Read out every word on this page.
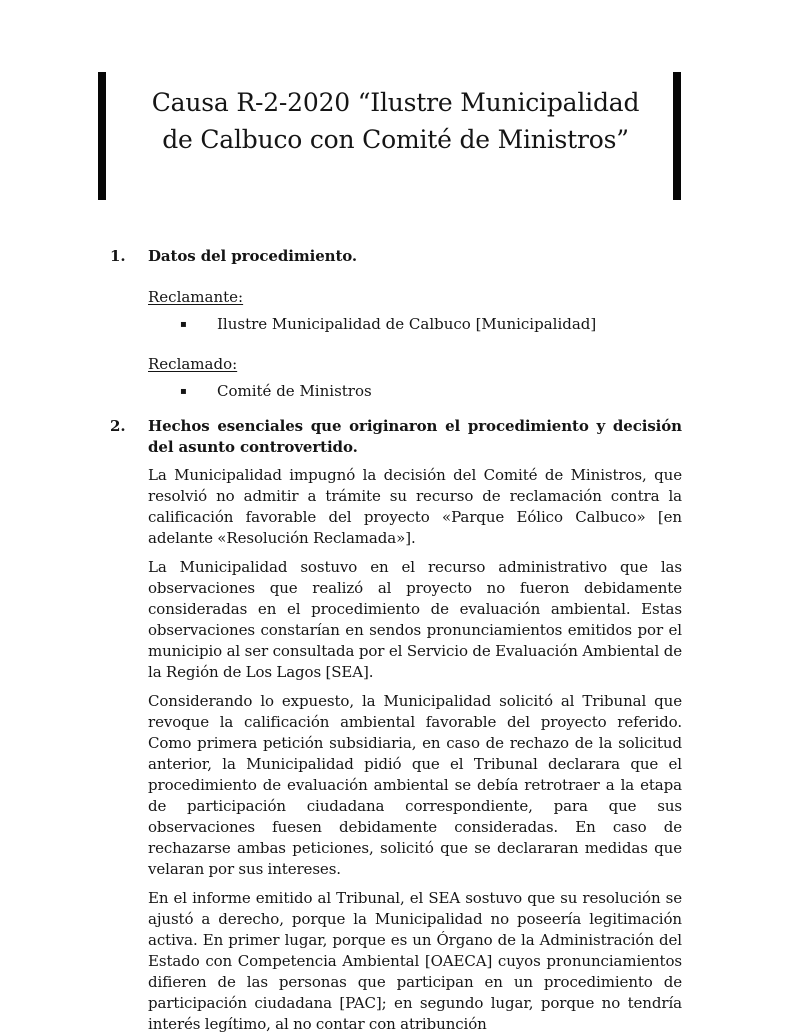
Causa R-2-2020 “Ilustre Municipalidad de Calbuco con Comité de Ministros”
1.	Datos del procedimiento.

Reclamante:

▪	Ilustre Municipalidad de Calbuco [Municipalidad]

Reclamado:

▪	Comité de Ministros
2.	Hechos esenciales que originaron el procedimiento y decisión del asunto controvertido.

La Municipalidad impugnó la decisión del Comité de Ministros, que resolvió no admitir a trámite su recurso de reclamación contra la calificación favorable del proyecto «Parque Eólico Calbuco» [en adelante «Resolución Reclamada»].

La Municipalidad sostuvo en el recurso administrativo que las observaciones que realizó al proyecto no fueron debidamente consideradas en el procedimiento de evaluación ambiental. Estas observaciones constarían en sendos pronunciamientos emitidos por el municipio al ser consultada por el Servicio de Evaluación Ambiental de la Región de Los Lagos [SEA].

Considerando lo expuesto, la Municipalidad solicitó al Tribunal que revoque la calificación ambiental favorable del proyecto referido. Como primera petición subsidiaria, en caso de rechazo de la solicitud anterior, la Municipalidad pidió que el Tribunal declarara que el procedimiento de evaluación ambiental se debía retrotraer a la etapa de participación ciudadana correspondiente, para que sus observaciones fuesen debidamente consideradas. En caso de rechazarse ambas peticiones, solicitó que se declararan medidas que velaran por sus intereses.

En el informe emitido al Tribunal, el SEA sostuvo que su resolución se ajustó a derecho, porque la Municipalidad no poseería legitimación activa. En primer lugar, porque es un Órgano de la Administración del Estado con Competencia Ambiental [OAECA] cuyos pronunciamientos difieren de las personas que participan en un procedimiento de participación ciudadana [PAC]; en segundo lugar, porque no tendría interés legítimo, al no contar con atribunción
